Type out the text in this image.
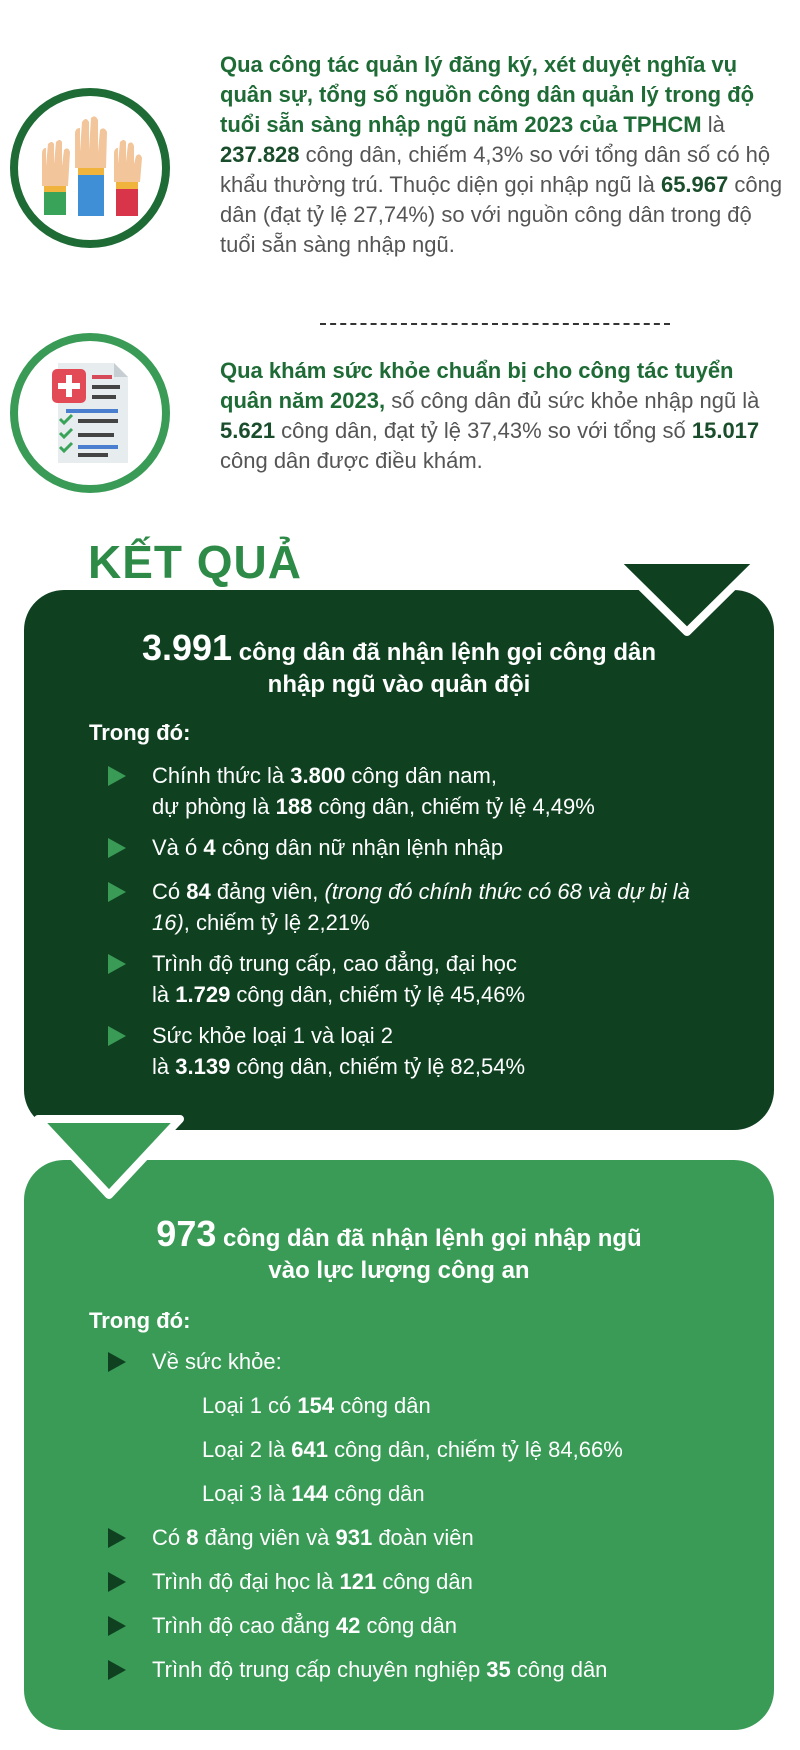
Qua công tác quản lý đăng ký, xét duyệt nghĩa vụ quân sự, tổng số nguồn công dân quản lý trong độ tuổi sẵn sàng nhập ngũ năm 2023 của TPHCM là 237.828 công dân, chiếm 4,3% so với tổng dân số có hộ khẩu thường trú. Thuộc diện gọi nhập ngũ là 65.967 công dân (đạt tỷ lệ 27,74%) so với nguồn công dân trong độ tuổi sẵn sàng nhập ngũ.
Qua khám sức khỏe chuẩn bị cho công tác tuyển quân năm 2023, số công dân đủ sức khỏe nhập ngũ là 5.621 công dân, đạt tỷ lệ 37,43% so với tổng số 15.017 công dân được điều khám.
KẾT QUẢ
3.991 công dân đã nhận lệnh gọi công dân
nhập ngũ vào quân đội
Trong đó:
Chính thức là 3.800 công dân nam,
dự phòng là 188 công dân, chiếm tỷ lệ 4,49%
Và ó 4 công dân nữ nhận lệnh nhập
Có 84 đảng viên, (trong đó chính thức có 68 và dự bị là 16), chiếm tỷ lệ 2,21%
Trình độ trung cấp, cao đẳng, đại học
là 1.729 công dân, chiếm tỷ lệ 45,46%
Sức khỏe loại 1 và loại 2
là 3.139 công dân, chiếm tỷ lệ 82,54%
973 công dân đã nhận lệnh gọi nhập ngũ
vào lực lượng công an
Trong đó:
Về sức khỏe:
Loại 1 có 154 công dân
Loại 2 là 641 công dân, chiếm tỷ lệ 84,66%
Loại 3 là 144 công dân
Có 8 đảng viên và 931 đoàn viên
Trình độ đại học là 121 công dân
Trình độ cao đẳng 42 công dân
Trình độ trung cấp chuyên nghiệp 35 công dân
